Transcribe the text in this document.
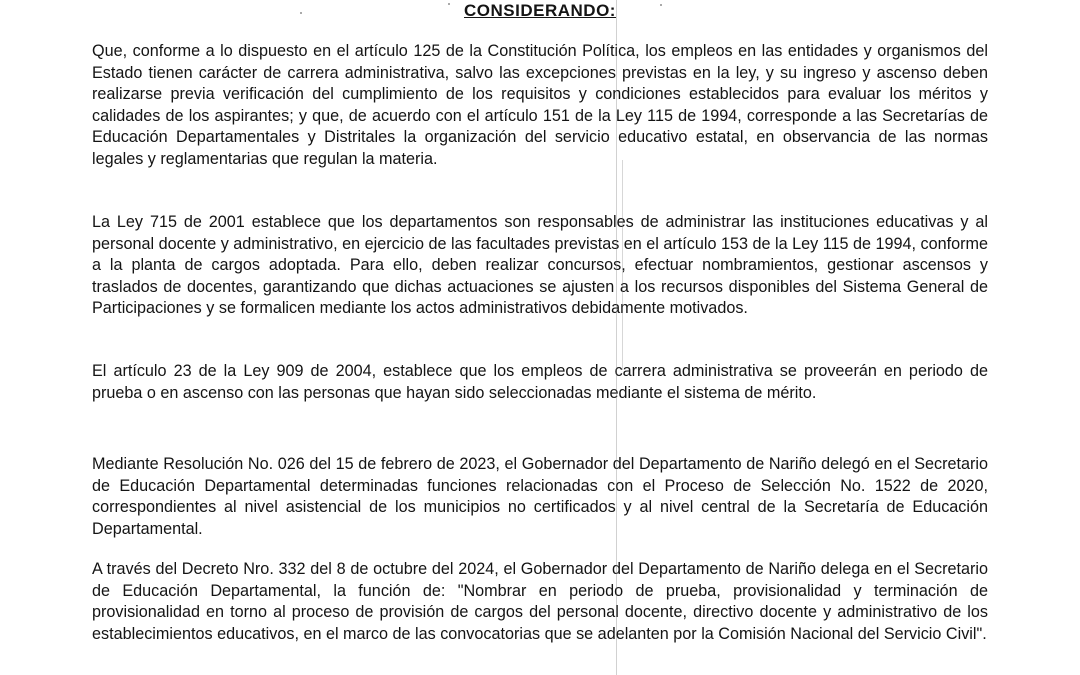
CONSIDERANDO:

Que, conforme a lo dispuesto en el artículo 125 de la Constitución Política, los empleos en las entidades y organismos del Estado tienen carácter de carrera administrativa, salvo las excepciones previstas en la ley, y su ingreso y ascenso deben realizarse previa verificación del cumplimiento de los requisitos y condiciones establecidos para evaluar los méritos y calidades de los aspirantes; y que, de acuerdo con el artículo 151 de la Ley 115 de 1994, corresponde a las Secretarías de Educación Departamentales y Distritales la organización del servicio educativo estatal, en observancia de las normas legales y reglamentarias que regulan la materia.

La Ley 715 de 2001 establece que los departamentos son responsables de administrar las instituciones educativas y al personal docente y administrativo, en ejercicio de las facultades previstas en el artículo 153 de la Ley 115 de 1994, conforme a la planta de cargos adoptada. Para ello, deben realizar concursos, efectuar nombramientos, gestionar ascensos y traslados de docentes, garantizando que dichas actuaciones se ajusten a los recursos disponibles del Sistema General de Participaciones y se formalicen mediante los actos administrativos debidamente motivados.

El artículo 23 de la Ley 909 de 2004, establece que los empleos de carrera administrativa se proveerán en periodo de prueba o en ascenso con las personas que hayan sido seleccionadas mediante el sistema de mérito.

Mediante Resolución No. 026 del 15 de febrero de 2023, el Gobernador del Departamento de Nariño delegó en el Secretario de Educación Departamental determinadas funciones relacionadas con el Proceso de Selección No. 1522 de 2020, correspondientes al nivel asistencial de los municipios no certificados y al nivel central de la Secretaría de Educación Departamental.

A través del Decreto Nro. 332 del 8 de octubre del 2024, el Gobernador del Departamento de Nariño delega en el Secretario de Educación Departamental, la función de: "Nombrar en periodo de prueba, provisionalidad y terminación de provisionalidad en torno al proceso de provisión de cargos del personal docente, directivo docente y administrativo de los establecimientos educativos, en el marco de las convocatorias que se adelanten por la Comisión Nacional del Servicio Civil".
